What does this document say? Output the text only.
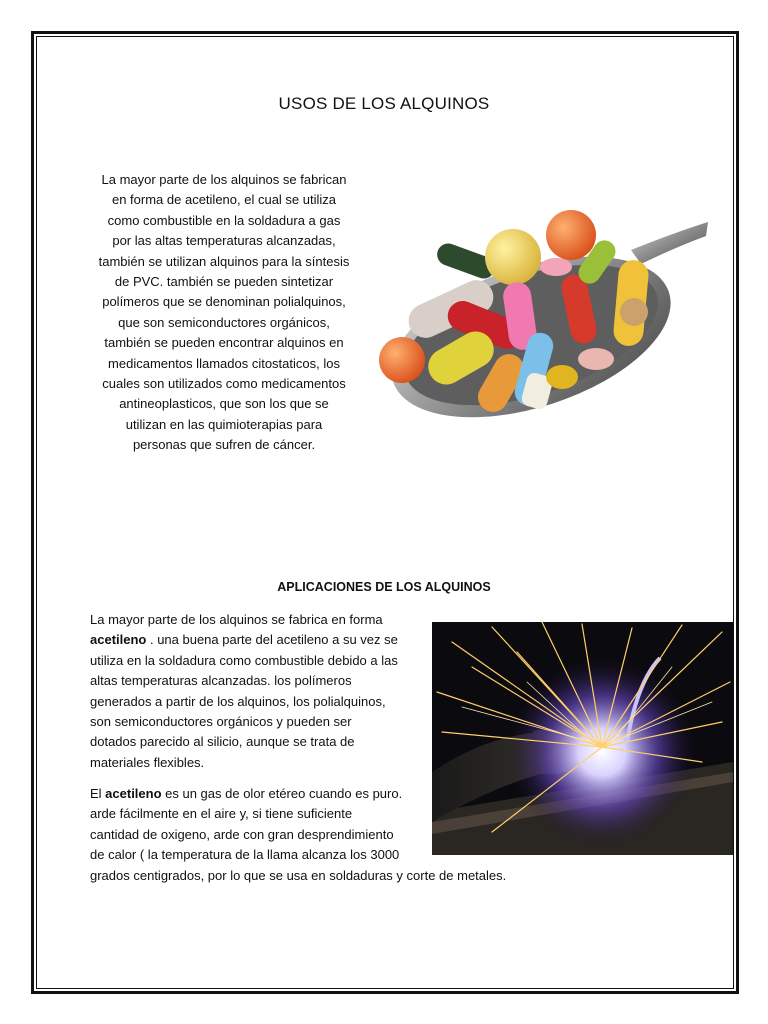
USOS DE LOS ALQUINOS
La mayor parte de los alquinos se fabrican
en forma de acetileno, el cual se utiliza
como combustible en la soldadura a gas
por las altas temperaturas alcanzadas,
también se utilizan alquinos para la síntesis
de PVC. también se pueden sintetizar
polímeros que se denominan polialquinos,
que son semiconductores orgánicos,
también se pueden encontrar alquinos en
medicamentos llamados citostaticos, los
cuales son utilizados como medicamentos
antineoplasticos, que son los que se
utilizan en las quimioterapias para
personas que sufren de cáncer.
APLICACIONES DE LOS ALQUINOS
La mayor parte de los alquinos se fabrica en forma
acetileno . una buena parte del acetileno a su vez se
utiliza en la soldadura como combustible debido a las
altas temperaturas alcanzadas. los polímeros
generados a partir de los alquinos, los polialquinos,
son semiconductores orgánicos y pueden ser
dotados parecido al silicio, aunque se trata de
materiales flexibles.
El acetileno es un gas de olor etéreo cuando es puro.
arde fácilmente en el aire y, si tiene suficiente
cantidad de oxigeno, arde con gran desprendimiento
de calor ( la temperatura de la llama alcanza los 3000
grados centigrados, por lo que se usa en soldaduras y corte de metales.
